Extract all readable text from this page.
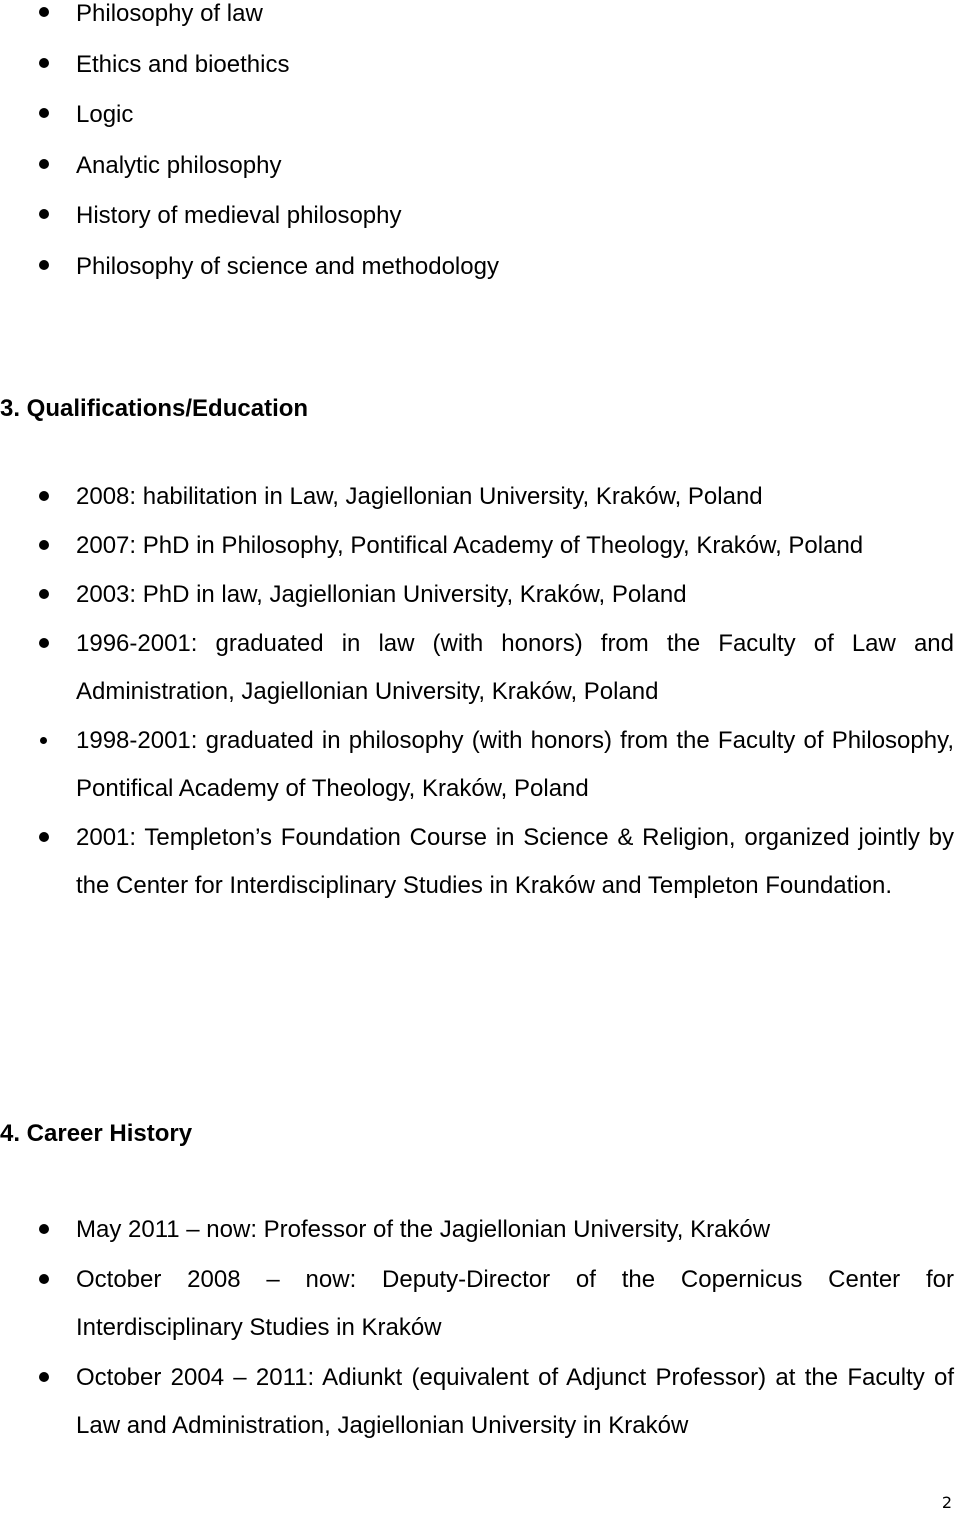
Philosophy of law
Ethics and bioethics
Logic
Analytic philosophy
History of medieval philosophy
Philosophy of science and methodology
3. Qualifications/Education
2008: habilitation in Law, Jagiellonian University, Kraków, Poland
2007: PhD in Philosophy, Pontifical Academy of Theology, Kraków, Poland
2003: PhD in law, Jagiellonian University, Kraków, Poland
1996-2001: graduated in law (with honors) from the Faculty of Law and Administration, Jagiellonian University, Kraków, Poland
1998-2001: graduated in philosophy (with honors) from the Faculty of Philosophy, Pontifical Academy of Theology, Kraków, Poland
2001: Templeton’s Foundation Course in Science & Religion, organized jointly by the Center for Interdisciplinary Studies in Kraków and Templeton Foundation.
4. Career History
May 2011 – now: Professor of the Jagiellonian University, Kraków
October 2008 – now: Deputy-Director of the Copernicus Center for Interdisciplinary Studies in Kraków
October 2004 – 2011: Adiunkt (equivalent of Adjunct Professor) at the Faculty of Law and Administration, Jagiellonian University in Kraków
2
